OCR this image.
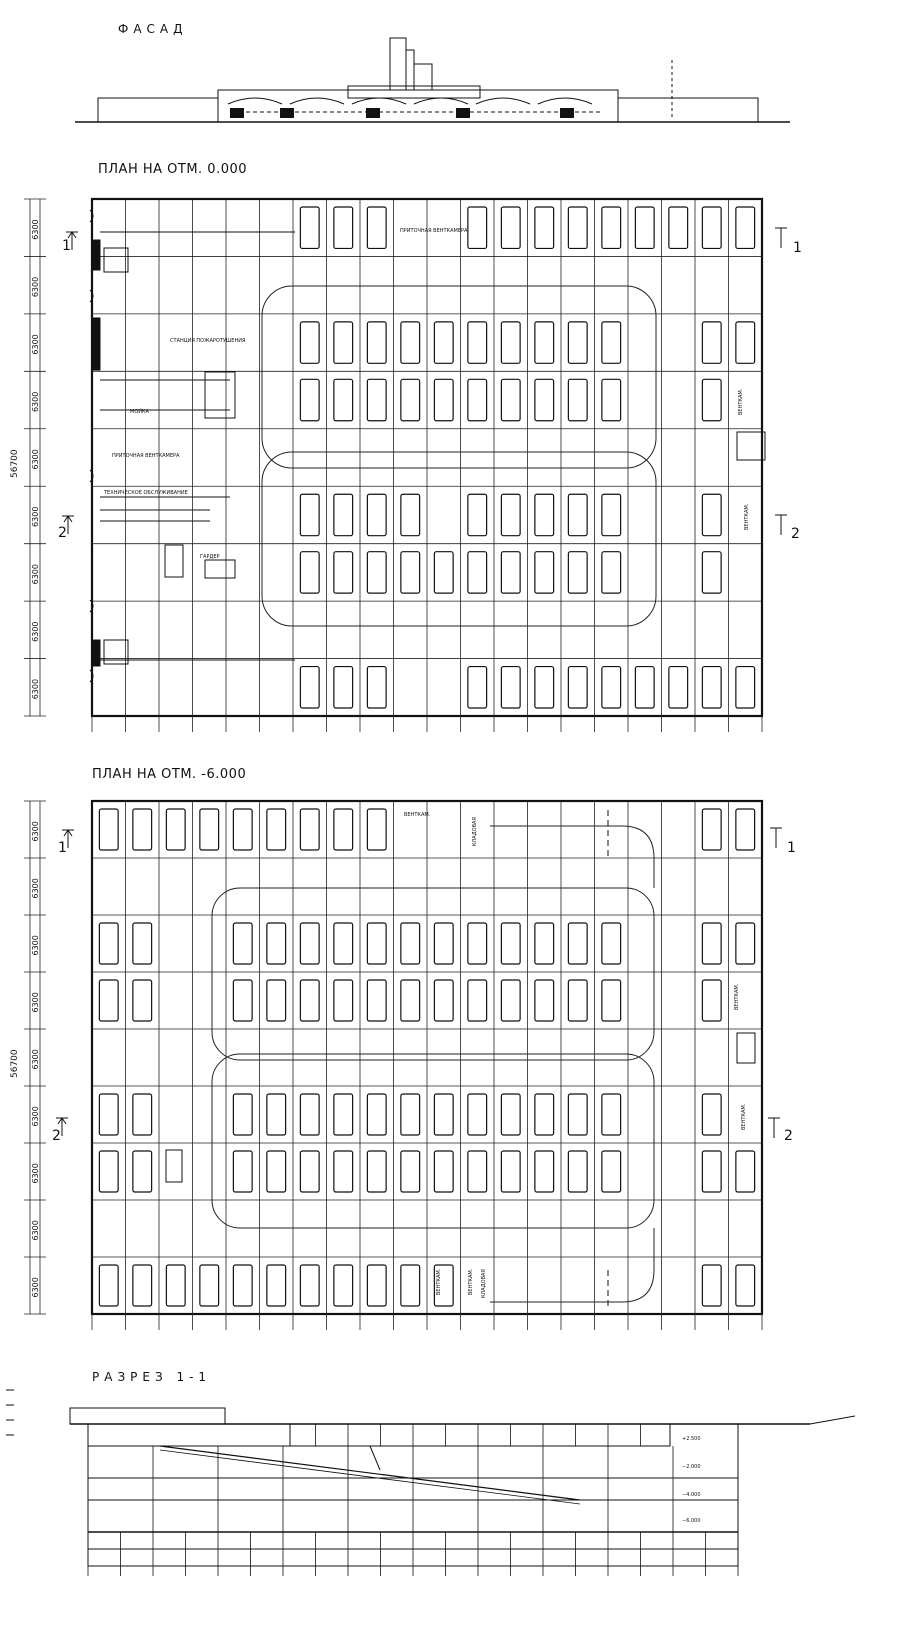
ФАСАД
ПЛАН НА ОТМ. 0.000
ПЛАН НА ОТМ. -6.000
РАЗРЕЗ 1-1
6300
6300
6300
6300
6300
6300
6300
6300
6300
ПРИТОЧНАЯ ВЕНТКАМЕРА
СТАНЦИЯ ПОЖАРОТУШЕНИЯ
МОЙКА
ПРИТОЧНАЯ ВЕНТКАМЕРА
ТЕХНИЧЕСКОЕ ОБСЛУЖИВАНИЕ
ГАРДЕР
ВЕНТКАМ.
ВЕНТКАМ.
56700
1	1
2	2
6300
6300
6300
6300
6300
6300
6300
6300
6300
ВЕНТКАМ.
КЛАДОВАЯ
ВЕНТКАМ.
ВЕНТКАМ.
ВЕНТКАМ.	ВЕНТКАМ. КЛАДОВАЯ
56700
1	1
2	2
+2.500
−2.000
−4.000
−6.000
